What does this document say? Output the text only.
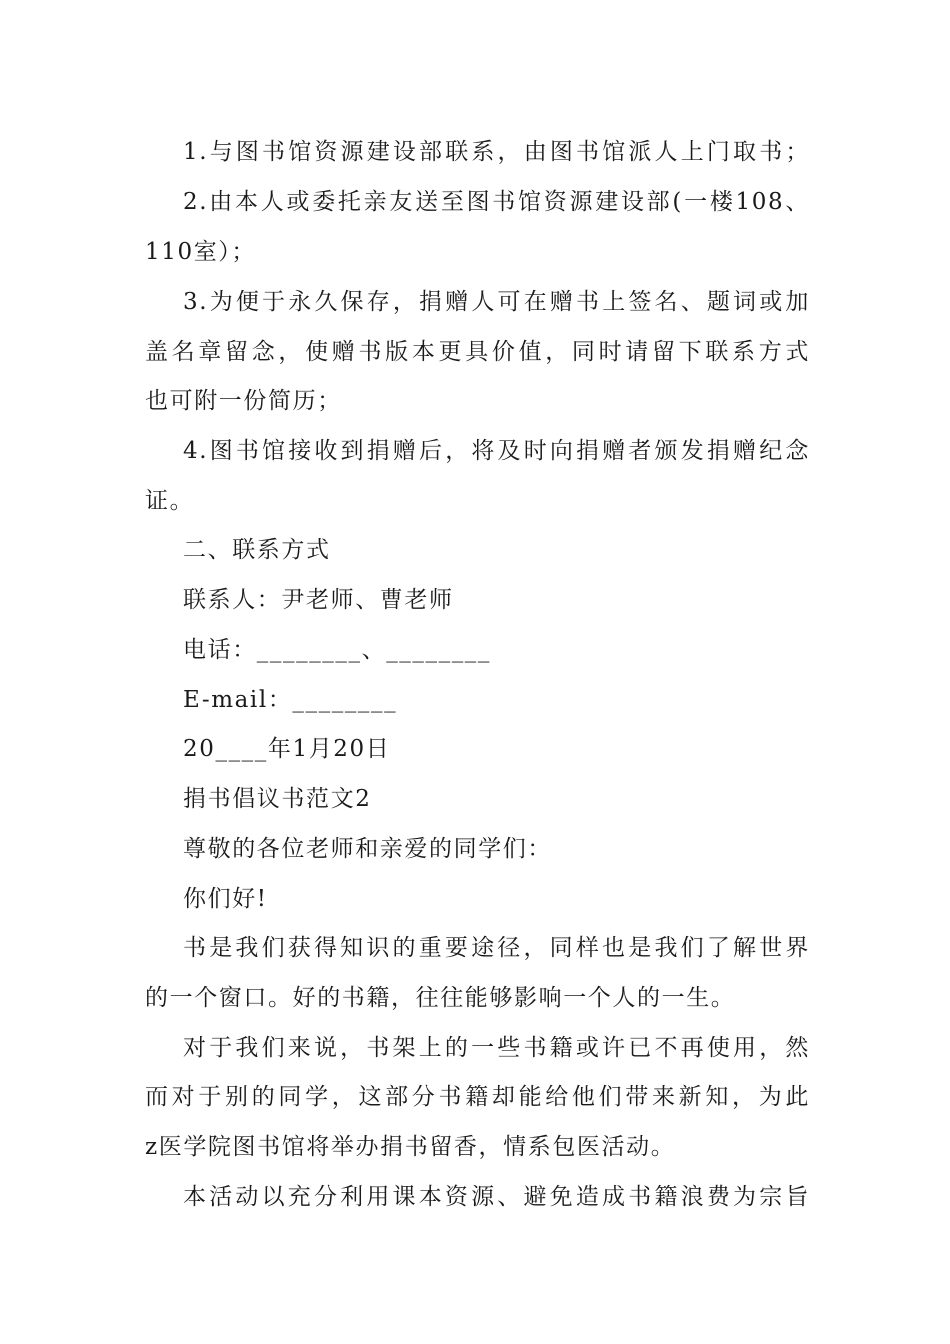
1.与图书馆资源建设部联系，由图书馆派人上门取书；
2.由本人或委托亲友送至图书馆资源建设部(一楼108、
110室）；
3.为便于永久保存，捐赠人可在赠书上签名、题词或加
盖名章留念，使赠书版本更具价值，同时请留下联系方式
也可附一份简历；
4.图书馆接收到捐赠后，将及时向捐赠者颁发捐赠纪念
证。
二、联系方式
联系人：尹老师、曹老师
电话：________、________
E-mail：________
20____年1月20日
捐书倡议书范文2
尊敬的各位老师和亲爱的同学们：
你们好!
书是我们获得知识的重要途径，同样也是我们了解世界
的一个窗口。好的书籍，往往能够影响一个人的一生。
对于我们来说，书架上的一些书籍或许已不再使用，然
而对于别的同学，这部分书籍却能给他们带来新知，为此
z医学院图书馆将举办捐书留香，情系包医活动。
本活动以充分利用课本资源、避免造成书籍浪费为宗旨
